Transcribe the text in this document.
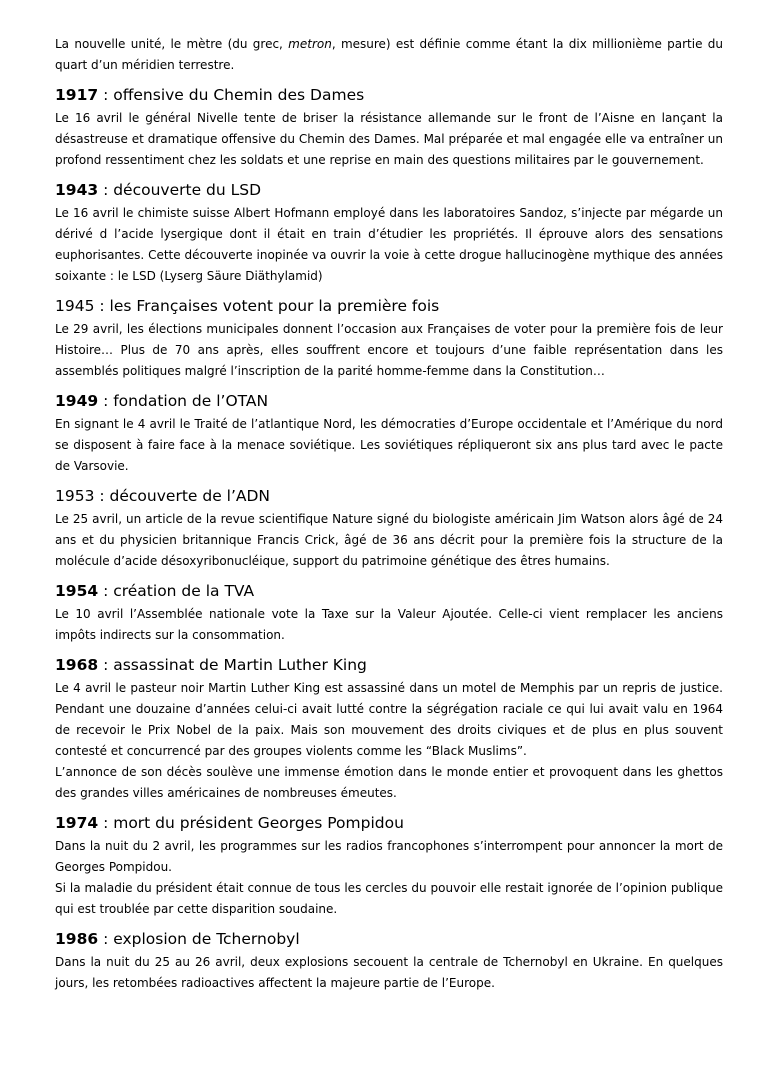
La nouvelle unité, le mètre (du grec, metron, mesure) est définie comme étant la dix millionième partie du quart d’un méridien terrestre.

1917 : offensive du Chemin des Dames

Le 16 avril le général Nivelle tente de briser la résistance allemande sur le front de l’Aisne en lançant la désastreuse et dramatique offensive du Chemin des Dames. Mal préparée et mal engagée elle va entraîner un profond ressentiment chez les soldats et une reprise en main des questions militaires par le gouvernement.

1943 : découverte du LSD

Le 16 avril le chimiste suisse Albert Hofmann employé dans les laboratoires Sandoz, s’injecte par mégarde un dérivé d l’acide lysergique dont il était en train d’étudier les propriétés. Il éprouve alors des sensations euphorisantes. Cette découverte inopinée va ouvrir la voie à cette drogue hallucinogène mythique des années soixante : le LSD (Lyserg Säure Diäthylamid)

1945 : les Françaises votent pour la première fois

Le 29 avril, les élections municipales donnent l’occasion aux Françaises de voter pour la première fois de leur Histoire… Plus de 70 ans après, elles souffrent encore et toujours d’une faible représentation dans les assemblés politiques malgré l’inscription de la parité homme-femme dans la Constitution…

1949 : fondation de l’OTAN

En signant le 4 avril le Traité de l’atlantique Nord, les démocraties d’Europe occidentale et l’Amérique du nord se disposent à faire face à la menace soviétique. Les soviétiques répliqueront six ans plus tard avec le pacte de Varsovie.

1953 : découverte de l’ADN

Le 25 avril, un article de la revue scientifique Nature signé du biologiste américain Jim Watson alors âgé de 24 ans et du physicien britannique Francis Crick, âgé de 36 ans décrit pour la première fois la structure de la molécule d’acide désoxyribonucléique, support du patrimoine génétique des êtres humains.

1954 : création de la TVA

Le 10 avril l’Assemblée nationale vote la Taxe sur la Valeur Ajoutée. Celle-ci vient remplacer les anciens impôts indirects sur la consommation.

1968 : assassinat de Martin Luther King

Le 4 avril le pasteur noir Martin Luther King est assassiné dans un motel de Memphis par un repris de justice. Pendant une douzaine d’années celui-ci avait lutté contre la ségrégation raciale ce qui lui avait valu en 1964 de recevoir le Prix Nobel de la paix. Mais son mouvement des droits civiques et de plus en plus souvent contesté et concurrencé par des groupes violents comme les “Black Muslims”.

L’annonce de son décès soulève une immense émotion dans le monde entier et provoquent dans les ghettos des grandes villes américaines de nombreuses émeutes.

1974 : mort du président Georges Pompidou

Dans la nuit du 2 avril, les programmes sur les radios francophones s’interrompent pour annoncer la mort de Georges Pompidou.

Si la maladie du président était connue de tous les cercles du pouvoir elle restait ignorée de l’opinion publique qui est troublée par cette disparition soudaine.

1986 : explosion de Tchernobyl

Dans la nuit du 25 au 26 avril, deux explosions secouent la centrale de Tchernobyl en Ukraine. En quelques jours, les retombées radioactives affectent la majeure partie de l’Europe.
